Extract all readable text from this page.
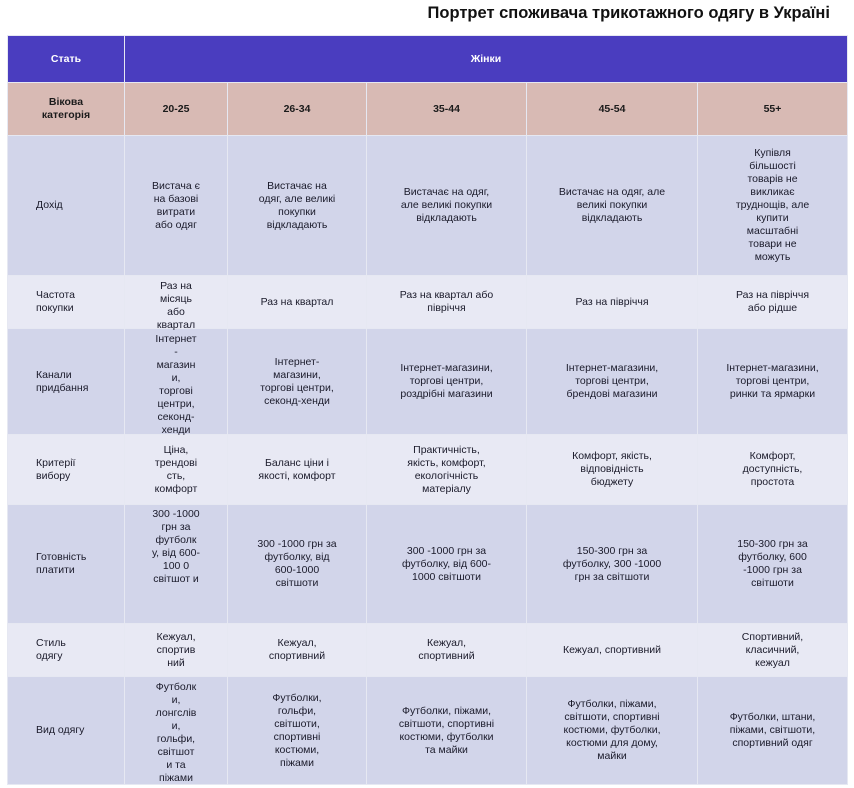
Портрет споживача трикотажного одягу в Україні
Стать	Жінки				
Вікова категорія	20-25	26-34	35-44	45-54	55+
Дохід	Вистача є на базові витрати або одяг	Вистачає на одяг, але великі покупки відкладають	Вистачає на одяг, але великі покупки відкладають	Вистачає на одяг, але великі покупки відкладають	Купівля більшості товарів не викликає труднощів, але купити масштабні товари не можуть
Частота покупки	Раз на місяць або квартал	Раз на квартал	Раз на квартал або півріччя	Раз на півріччя	Раз на півріччя або рідше
Канали придбання	Інтернет - магазин и, торгові центри, секонд-хенди	Інтернет-магазини, торгові центри, секонд-хенди	Інтернет-магазини, торгові центри, роздрібні магазини	Інтернет-магазини, торгові центри, брендові магазини	Інтернет-магазини, торгові центри, ринки та ярмарки
Критерії вибору	Ціна, трендові сть, комфорт	Баланс ціни і якості, комфорт	Практичність, якість, комфорт, екологічність матеріалу	Комфорт, якість, відповідність бюджету	Комфорт, доступність, простота
Готовність платити	300 -1000 грн за футболк у, від 600-100 0 світшот и	300 -1000 грн за футболку, від 600-1000 світшоти	300 -1000 грн за футболку, від 600-1000 світшоти	150-300 грн за футболку, 300 -1000 грн за світшоти	150-300 грн за футболку, 600 -1000 грн за світшоти
Стиль одягу	Кежуал, спортив ний	Кежуал, спортивний	Кежуал, спортивний	Кежуал, спортивний	Спортивний, класичний, кежуал
Вид одягу	Футболк и, лонгслів и, гольфи, світшот и та піжами	Футболки, гольфи, світшоти, спортивні костюми, піжами	Футболки, піжами, світшоти, спортивні костюми, футболки та майки	Футболки, піжами, світшоти, спортивні костюми, футболки, костюми для дому, майки	Футболки, штани, піжами, світшоти, спортивний одяг
